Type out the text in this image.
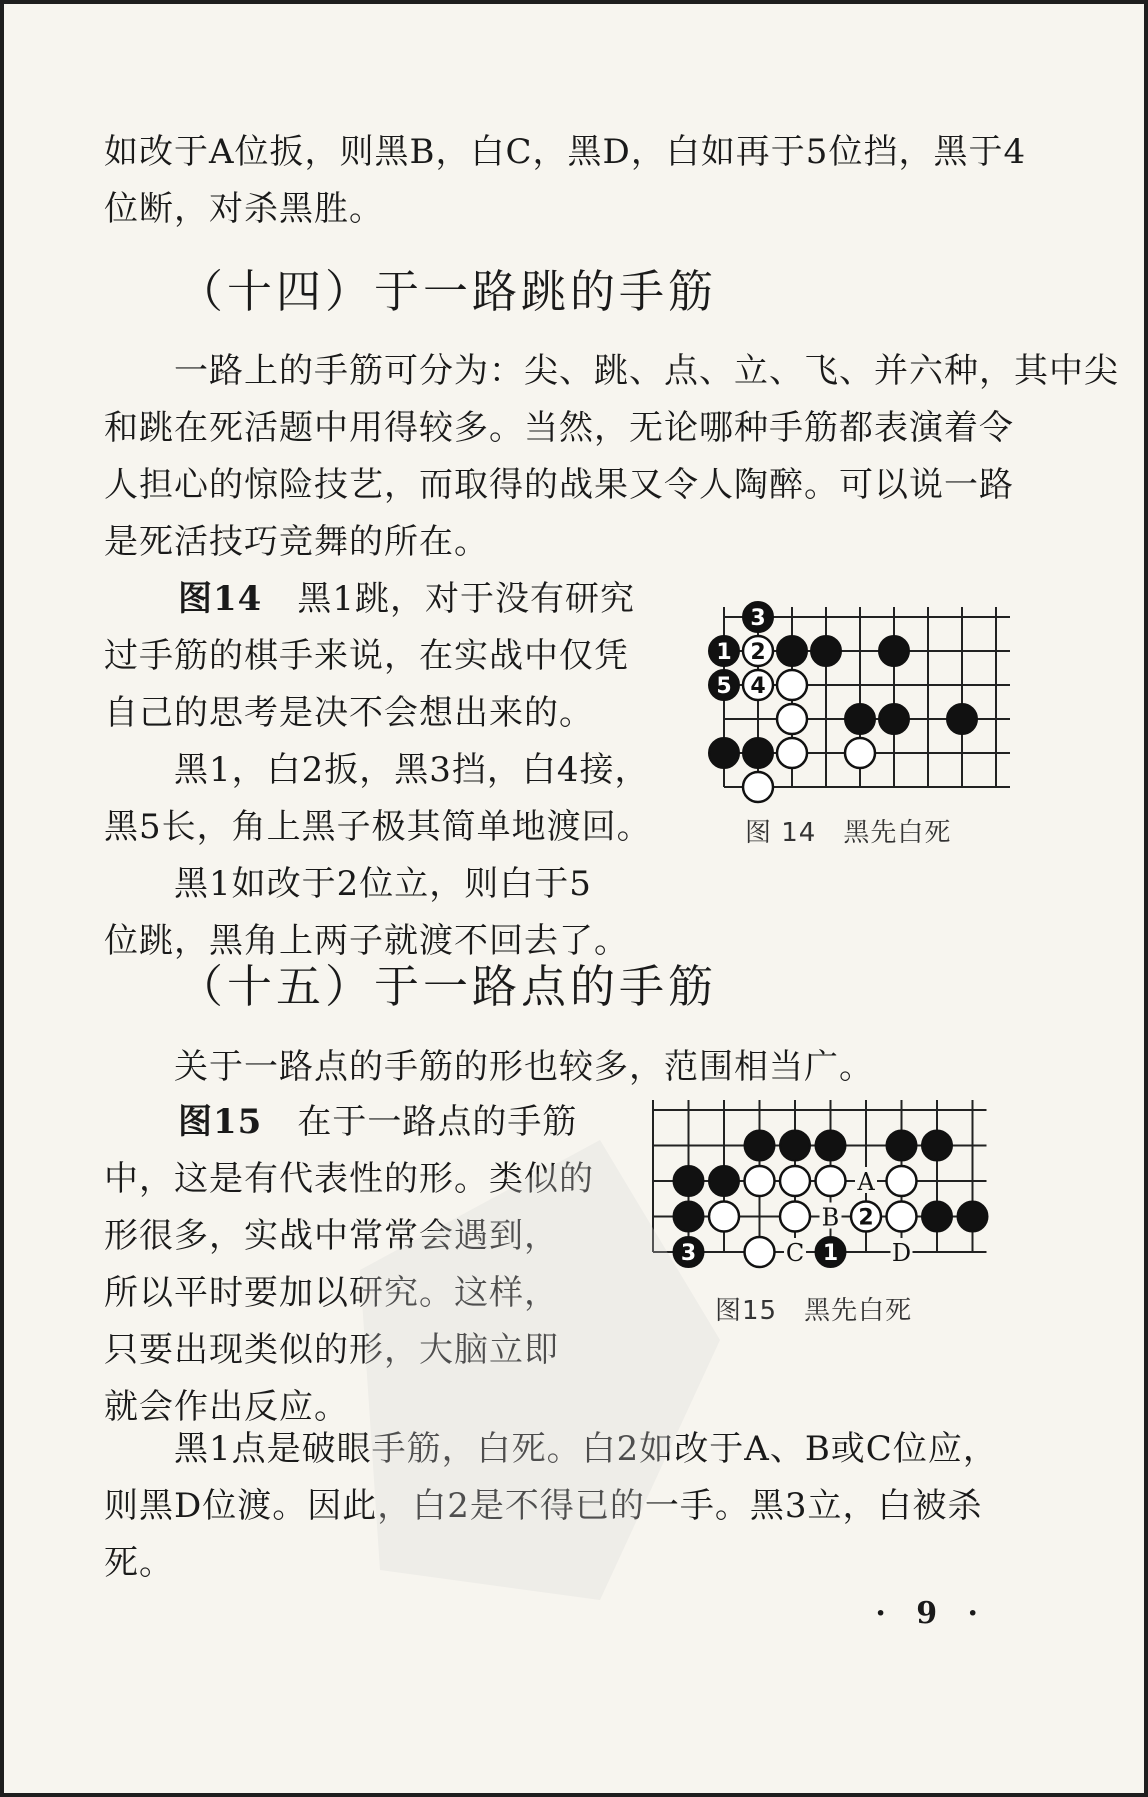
如改于A位扳，则黑B，白C，黑D，白如再于5位挡，黑于4

位断，对杀黑胜。

（十四）于一路跳的手筋

　　一路上的手筋可分为：尖、跳、点、立、飞、并六种，其中尖

和跳在死活题中用得较多。当然，无论哪种手筋都表演着令

人担心的惊险技艺，而取得的战果又令人陶醉。可以说一路

是死活技巧竞舞的所在。

图14　黑1跳，对于没有研究

过手筋的棋手来说，在实战中仅凭

自己的思考是决不会想出来的。

　　黑1，白2扳，黑3挡，白4接，

黑5长，角上黑子极其简单地渡回。

　　黑1如改于2位立，则白于5

位跳，黑角上两子就渡不回去了。

3
1 2
5 4

图 14　黑先白死

（十五）于一路点的手筋

　　关于一路点的手筋的形也较多，范围相当广。

图15　在于一路点的手筋

中，这是有代表性的形。类似的

形很多，实战中常常会遇到，

所以平时要加以研究。这样，

只要出现类似的形，大脑立即

就会作出反应。

2
3	1
A
B
C	D

图15　黑先白死

　　黑1点是破眼手筋，白死。白2如改于A、B或C位应，

则黑D位渡。因此，白2是不得已的一手。黑3立，白被杀

死。

· 9 ·
